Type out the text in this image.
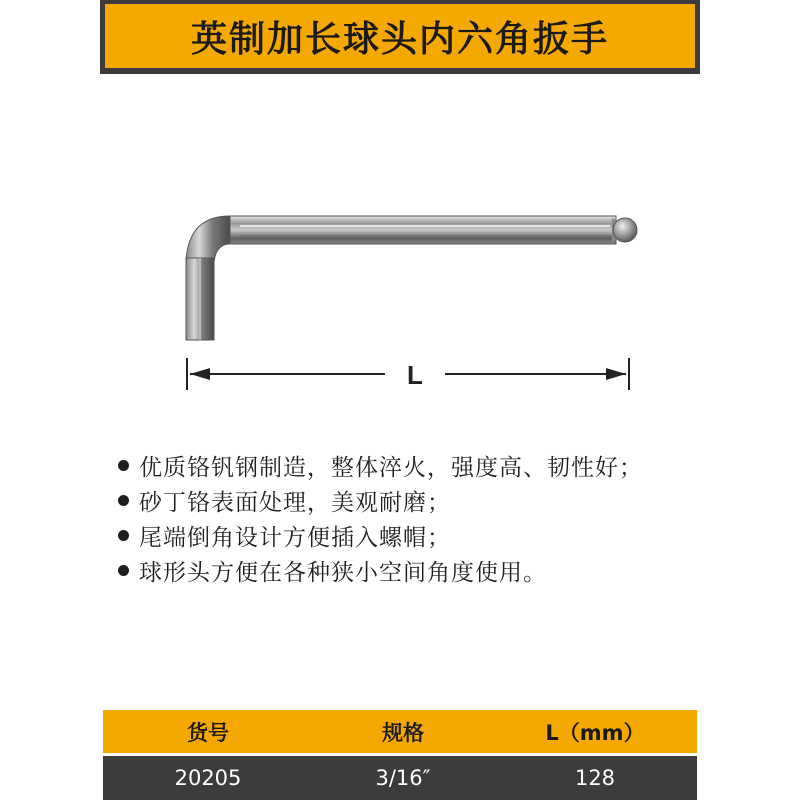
英制加长球头内六角扳手
L
优质铬钒钢制造，整体淬火，强度高、韧性好；
砂丁铬表面处理，美观耐磨；
尾端倒角设计方便插入螺帽；
球形头方便在各种狭小空间角度使用。
货号	规格	L（mm）

20205	3/16″	128
